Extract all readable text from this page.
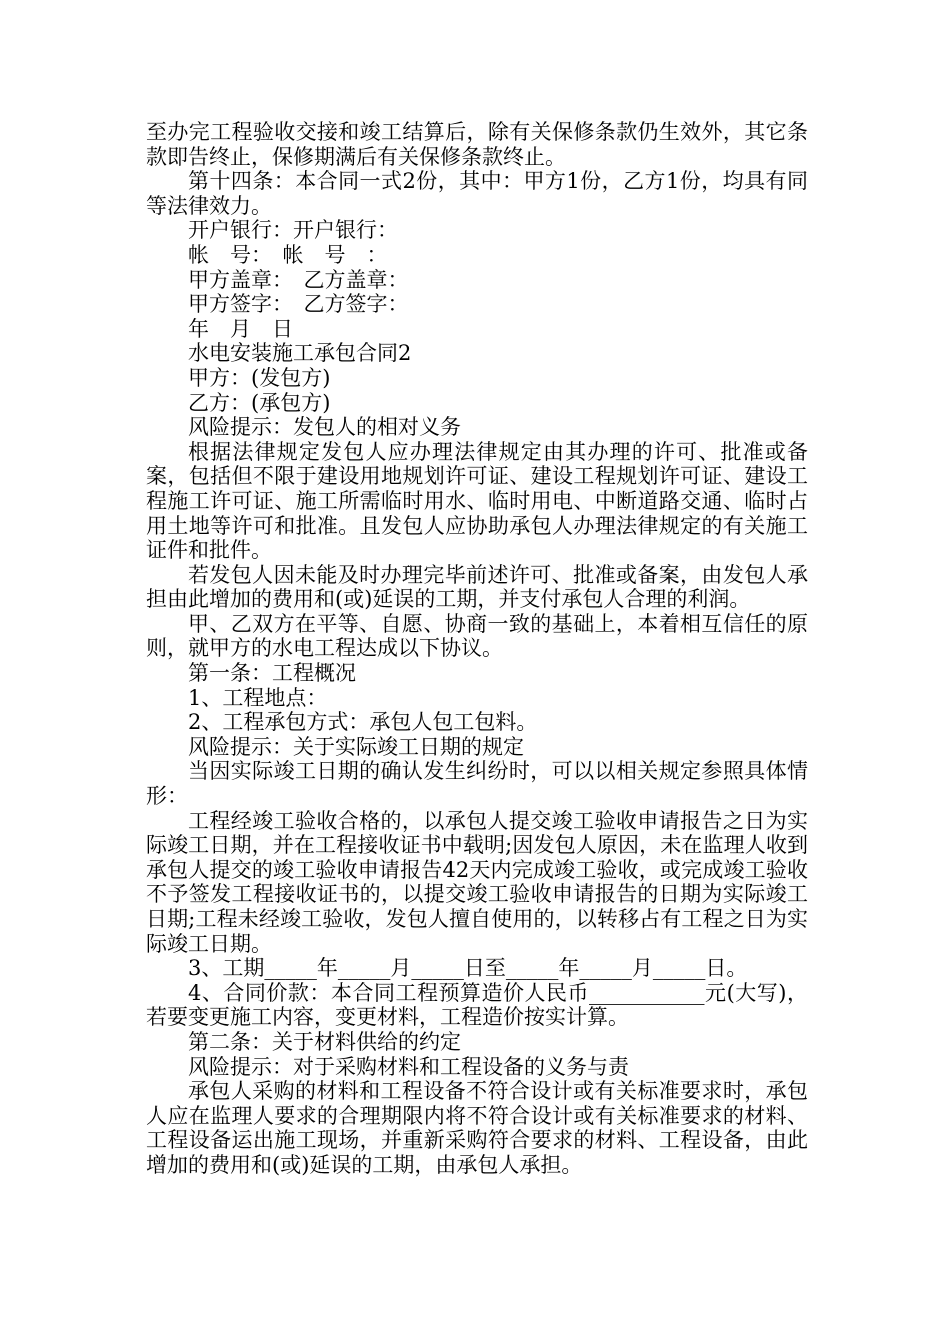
至办完工程验收交接和竣工结算后，除有关保修条款仍生效外，其它条款即告终止，保修期满后有关保修条款终止。

第十四条：本合同一式2份，其中：甲方1份，乙方1份，均具有同等法律效力。

开户银行：开户银行：

帐　号：　帐　号　：

甲方盖章：　乙方盖章：

甲方签字：　乙方签字：

年　月　日

水电安装施工承包合同2

甲方：(发包方)

乙方：(承包方)

风险提示：发包人的相对义务

根据法律规定发包人应办理法律规定由其办理的许可、批准或备案，包括但不限于建设用地规划许可证、建设工程规划许可证、建设工程施工许可证、施工所需临时用水、临时用电、中断道路交通、临时占用土地等许可和批准。且发包人应协助承包人办理法律规定的有关施工证件和批件。

若发包人因未能及时办理完毕前述许可、批准或备案，由发包人承担由此增加的费用和(或)延误的工期，并支付承包人合理的利润。

甲、乙双方在平等、自愿、协商一致的基础上，本着相互信任的原则，就甲方的水电工程达成以下协议。

第一条：工程概况

1、工程地点：

2、工程承包方式：承包人包工包料。

风险提示：关于实际竣工日期的规定

当因实际竣工日期的确认发生纠纷时，可以以相关规定参照具体情形：

工程经竣工验收合格的，以承包人提交竣工验收申请报告之日为实际竣工日期，并在工程接收证书中载明;因发包人原因，未在监理人收到承包人提交的竣工验收申请报告42天内完成竣工验收，或完成竣工验收不予签发工程接收证书的，以提交竣工验收申请报告的日期为实际竣工日期;工程未经竣工验收，发包人擅自使用的，以转移占有工程之日为实际竣工日期。

3、工期_____年_____月_____日至_____年_____月_____日。

4、合同价款：本合同工程预算造价人民币___________元(大写)，若要变更施工内容，变更材料，工程造价按实计算。

第二条：关于材料供给的约定

风险提示：对于采购材料和工程设备的义务与责

承包人采购的材料和工程设备不符合设计或有关标准要求时，承包人应在监理人要求的合理期限内将不符合设计或有关标准要求的材料、工程设备运出施工现场，并重新采购符合要求的材料、工程设备，由此增加的费用和(或)延误的工期，由承包人承担。
